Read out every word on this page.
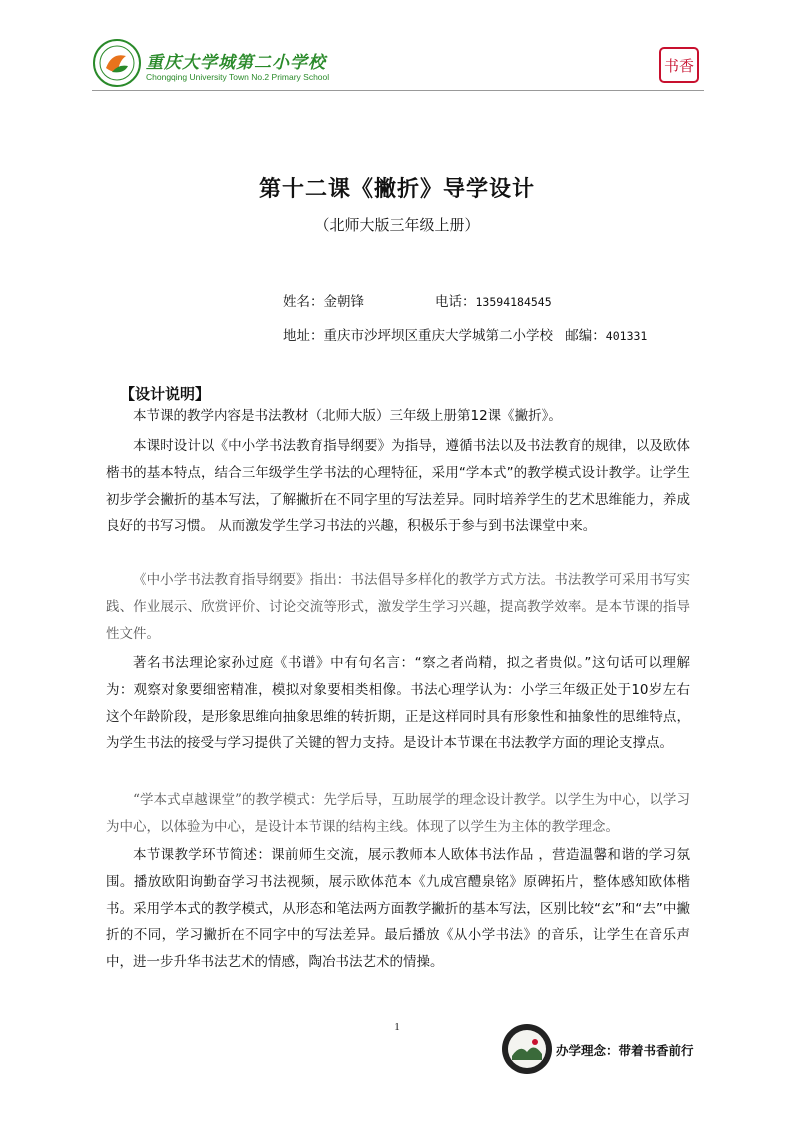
重庆大学城第二小学校
Chongqing University Town No.2 Primary School
书香
第十二课《撇折》导学设计
（北师大版三年级上册）
姓名：金朝锋	电话：13594184545
地址：重庆市沙坪坝区重庆大学城第二小学校 邮编：401331
【设计说明】

本节课的教学内容是书法教材（北师大版）三年级上册第12课《撇折》。

本课时设计以《中小学书法教育指导纲要》为指导，遵循书法以及书法教育的规律，以及欧体楷书的基本特点，结合三年级学生学书法的心理特征，采用“学本式”的教学模式设计教学。让学生初步学会撇折的基本写法，了解撇折在不同字里的写法差异。同时培养学生的艺术思维能力，养成良好的书写习惯。 从而激发学生学习书法的兴趣，积极乐于参与到书法课堂中来。

《中小学书法教育指导纲要》指出：书法倡导多样化的教学方式方法。书法教学可采用书写实践、作业展示、欣赏评价、讨论交流等形式，激发学生学习兴趣，提高教学效率。是本节课的指导性文件。

著名书法理论家孙过庭《书谱》中有句名言：“察之者尚精，拟之者贵似。”这句话可以理解为：观察对象要细密精准，模拟对象要相类相像。书法心理学认为：小学三年级正处于10岁左右这个年龄阶段，是形象思维向抽象思维的转折期，正是这样同时具有形象性和抽象性的思维特点，为学生书法的接受与学习提供了关键的智力支持。是设计本节课在书法教学方面的理论支撑点。

“学本式卓越课堂”的教学模式：先学后导，互助展学的理念设计教学。以学生为中心，以学习为中心，以体验为中心，是设计本节课的结构主线。体现了以学生为主体的教学理念。

本节课教学环节简述：课前师生交流，展示教师本人欧体书法作品 ，营造温馨和谐的学习氛围。播放欧阳询勤奋学习书法视频，展示欧体范本《九成宫醴泉铭》原碑拓片，整体感知欧体楷书。采用学本式的教学模式，从形态和笔法两方面教学撇折的基本写法，区别比较“玄”和“去”中撇折的不同，学习撇折在不同字中的写法差异。最后播放《从小学书法》的音乐，让学生在音乐声中，进一步升华书法艺术的情感，陶冶书法艺术的情操。

1
办学理念：带着书香前行
